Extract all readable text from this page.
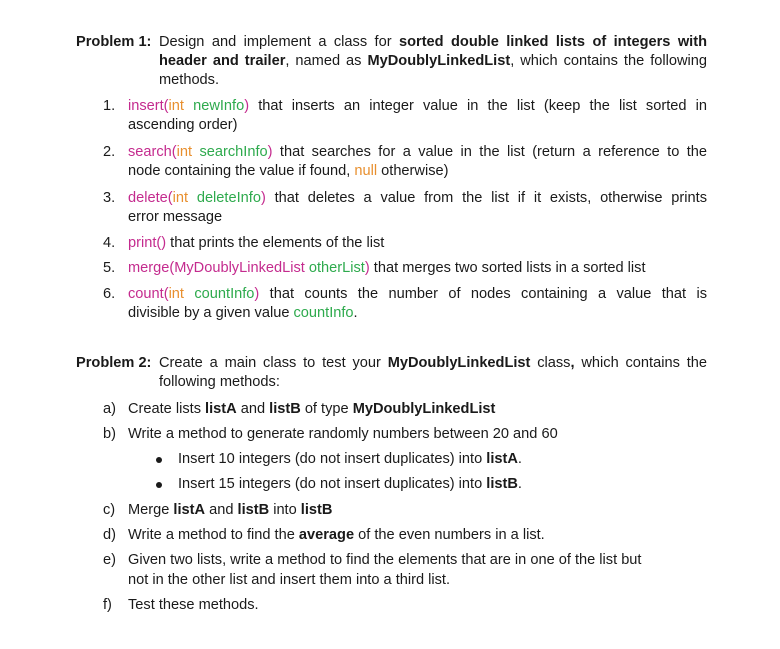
Problem 1: Design and implement a class for sorted double linked lists of integers with
header and trailer, named as MyDoublyLinkedList, which contains the following
methods.
1. insert(int newInfo) that inserts an integer value in the list (keep the list sorted in
ascending order)
2. search(int searchInfo) that searches for a value in the list (return a reference to the
node containing the value if found, null otherwise)
3. delete(int deleteInfo) that deletes a value from the list if it exists, otherwise prints
error message
4. print() that prints the elements of the list
5. merge(MyDoublyLinkedList otherList) that merges two sorted lists in a sorted list
6. count(int countInfo) that counts the number of nodes containing a value that is
divisible by a given value countInfo.
Problem 2: Create a main class to test your MyDoublyLinkedList class, which contains the
following methods:
a) Create lists listA and listB of type MyDoublyLinkedList
b) Write a method to generate randomly numbers between 20 and 60
Insert 10 integers (do not insert duplicates) into listA.
Insert 15 integers (do not insert duplicates) into listB.
c) Merge listA and listB into listB
d) Write a method to find the average of the even numbers in a list.
e) Given two lists, write a method to find the elements that are in one of the list but
not in the other list and insert them into a third list.
f) Test these methods.
